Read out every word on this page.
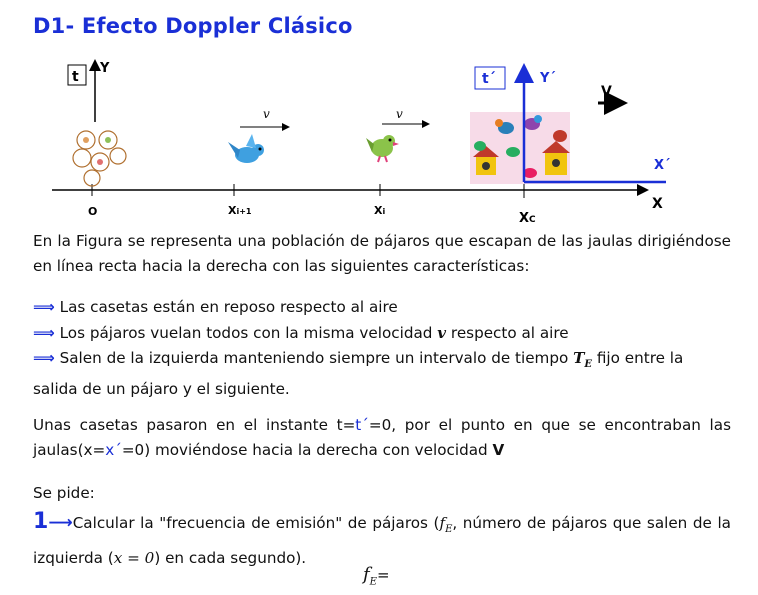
D1- Efecto Doppler Clásico
t
Y
X
O	Xi+1	Xi	XC
v	v
t´	Y´
X´
V
En la Figura se representa una población de pájaros que escapan de las jaulas dirigiéndose en línea recta hacia la derecha con las siguientes características:
⟹ Las casetas están en reposo respecto al aire
⟹ Los pájaros vuelan todos con la misma velocidad v respecto al aire
⟹ Salen de la izquierda manteniendo siempre un intervalo de tiempo $T_E$ fijo entre la salida de un pájaro y el siguiente.
Unas casetas pasaron en el instante t=t´=0, por el punto en que se encontraban las jaulas(x=x´=0) moviéndose hacia la derecha con velocidad V
Se pide:
1⟶Calcular la "frecuencia de emisión" de pájaros ($f_E$, número de pájaros que salen de la izquierda (x = 0) en cada segundo).
$f_E=$
